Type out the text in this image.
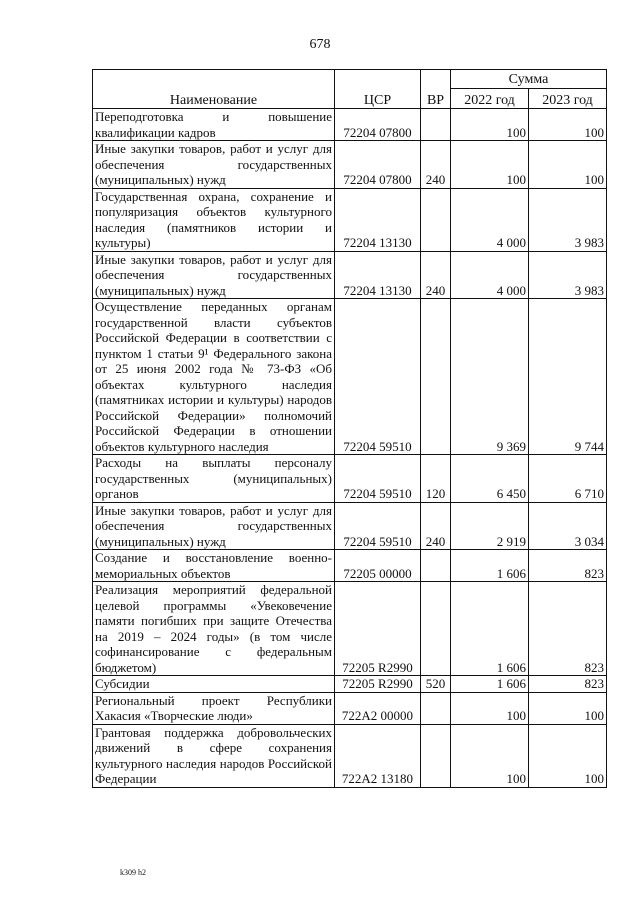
678
Наименование	ЦСР	ВР	Сумма	
			2022 год	2023 год
Переподготовка и повышение квалификации кадров	72204 07800		100	100
Иные закупки товаров, работ и услуг для обеспечения государственных (муниципальных) нужд	72204 07800	240	100	100
Государственная охрана, сохранение и популяризация объектов культурного наследия (памятников истории и культуры)	72204 13130		4 000	3 983
Иные закупки товаров, работ и услуг для обеспечения государственных (муниципальных) нужд	72204 13130	240	4 000	3 983
Осуществление переданных органам государственной власти субъектов Российской Федерации в соответствии с пунктом 1 статьи 9¹ Федерального закона от 25 июня 2002 года № 73-ФЗ «Об объектах культурного наследия (памятниках истории и культуры) народов Российской Федерации» полномочий Российской Федерации в отношении объектов культурного наследия	72204 59510		9 369	9 744
Расходы на выплаты персоналу государственных (муниципальных) органов	72204 59510	120	6 450	6 710
Иные закупки товаров, работ и услуг для обеспечения государственных (муниципальных) нужд	72204 59510	240	2 919	3 034
Создание и восстановление военно-мемориальных объектов	72205 00000		1 606	823
Реализация мероприятий федеральной целевой программы «Увековечение памяти погибших при защите Отечества на 2019 – 2024 годы» (в том числе софинансирование с федеральным бюджетом)	72205 R2990		1 606	823
Субсидии	72205 R2990	520	1 606	823
Региональный проект Республики Хакасия «Творческие люди»	722A2 00000		100	100
Грантовая поддержка добровольческих движений в сфере сохранения культурного наследия народов Российской Федерации	722A2 13180		100	100
k309 h2
